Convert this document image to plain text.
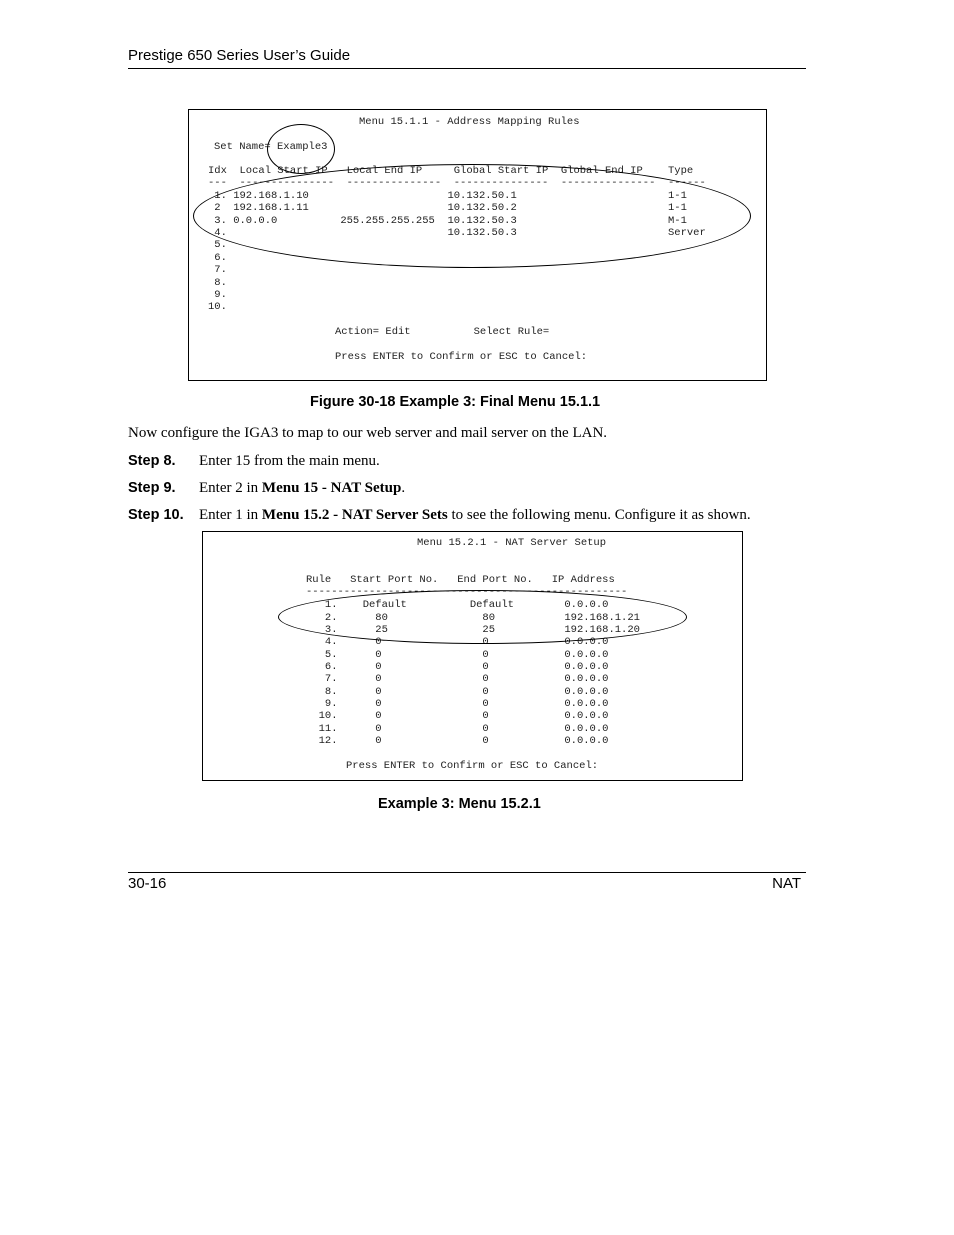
Prestige 650 Series User’s Guide
Menu 15.1.1 - Address Mapping Rules
Set Name= Example3
Idx  Local Start IP   Local End IP     Global Start IP  Global End IP    Type
---  ---------------  ---------------  ---------------  ---------------  ------
1. 192.168.1.10                      10.132.50.1                        1-1
2  192.168.1.11                      10.132.50.2                        1-1
3. 0.0.0.0          255.255.255.255  10.132.50.3                        M-1
4.                                   10.132.50.3                        Server
5.
6.
7.
8.
9.
10.
Action= Edit          Select Rule=
Press ENTER to Confirm or ESC to Cancel:
Figure 30-18 Example 3: Final Menu 15.1.1
Now configure the IGA3 to map to our web server and mail server on the LAN.
Step 8. Enter 15 from the main menu.
Step 9. Enter 2 in Menu 15 - NAT Setup.
Step 10. Enter 1 in Menu 15.2 - NAT Server Sets to see the following menu. Configure it as shown.
Menu 15.2.1 - NAT Server Setup
Rule   Start Port No.   End Port No.   IP Address
---------------------------------------------------
1.    Default          Default        0.0.0.0
2.      80               80           192.168.1.21
3.      25               25           192.168.1.20
4.      0                0            0.0.0.0
5.      0                0            0.0.0.0
6.      0                0            0.0.0.0
7.      0                0            0.0.0.0
8.      0                0            0.0.0.0
9.      0                0            0.0.0.0
10.      0                0            0.0.0.0
11.      0                0            0.0.0.0
12.      0                0            0.0.0.0
Press ENTER to Confirm or ESC to Cancel:
Example 3: Menu 15.2.1
30-16	NAT
